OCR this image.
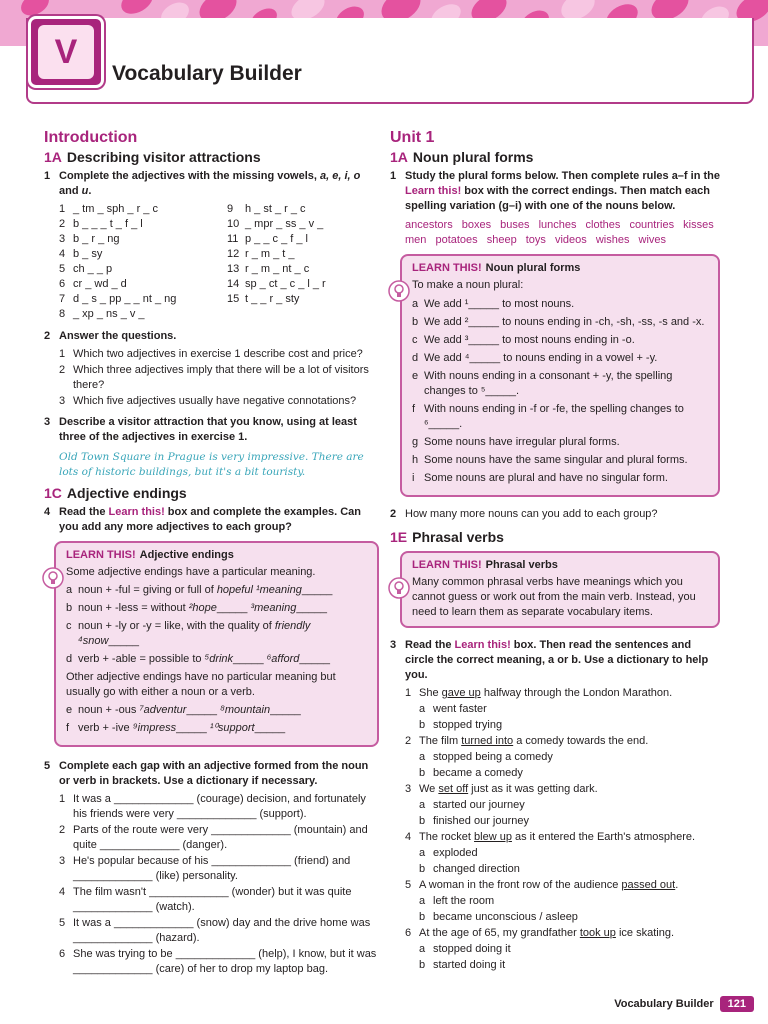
V
Vocabulary Builder
Introduction
1A Describing visitor attractions
1 Complete the adjectives with the missing vowels, a, e, i, o and u.
1 _ tm _ sph _ r _ c	9	h _ st _ r _ c
2 b _ _ _ t _ f _ l	10 _ mpr _ ss _ v _
3 b _ r _ ng	11 p _ _ c _ f _ l
4 b _ sy	12 r _ m _ t _
5 ch _ _ p	13 r _ m _ nt _ c
6 cr _ wd _ d	14 sp _ ct _ c _ l _ r
7 d _ s _ pp _ _ nt _ ng	15 t _ _ r _ sty
8 _ xp _ ns _ v _
2 Answer the questions.
1 Which two adjectives in exercise 1 describe cost and price?
2 Which three adjectives imply that there will be a lot of visitors there?
3 Which five adjectives usually have negative connotations?
3 Describe a visitor attraction that you know, using at least three of the adjectives in exercise 1.
Old Town Square in Prague is very impressive. There are lots of historic buildings, but it's a bit touristy.
1C Adjective endings
4 Read the Learn this! box and complete the examples. Can you add any more adjectives to each group?
LEARN THIS! Adjective endings
Some adjective endings have a particular meaning.
a noun + -ful = giving or full of hopeful ¹meaning_____
b noun + -less = without ²hope_____ ³meaning_____
c noun + -ly or -y = like, with the quality of friendly ⁴snow_____
d verb + -able = possible to ⁵drink_____ ⁶afford_____
Other adjective endings have no particular meaning but usually go with either a noun or a verb.
e noun + -ous ⁷adventur_____ ⁸mountain_____
f verb + -ive ⁹impress_____ ¹⁰support_____
5 Complete each gap with an adjective formed from the noun or verb in brackets. Use a dictionary if necessary.
1 It was a _____________ (courage) decision, and fortunately his friends were very _____________ (support).
2 Parts of the route were very _____________ (mountain) and quite _____________ (danger).
3 He's popular because of his _____________ (friend) and _____________ (like) personality.
4 The film wasn't _____________ (wonder) but it was quite _____________ (watch).
5 It was a _____________ (snow) day and the drive home was _____________ (hazard).
6 She was trying to be _____________ (help), I know, but it was _____________ (care) of her to drop my laptop bag.
Unit 1
1A Noun plural forms
1 Study the plural forms below. Then complete rules a–f in the Learn this! box with the correct endings. Then match each spelling variation (g–i) with one of the nouns below.
ancestors boxes buses lunches clothes countries kisses men potatoes sheep toys videos wishes wives
LEARN THIS! Noun plural forms
To make a noun plural:
a We add ¹_____ to most nouns.
b We add ²_____ to nouns ending in -ch, -sh, -ss, -s and -x.
c We add ³_____ to most nouns ending in -o.
d We add ⁴_____ to nouns ending in a vowel + -y.
e With nouns ending in a consonant + -y, the spelling changes to ⁵_____.
f With nouns ending in -f or -fe, the spelling changes to ⁶_____.
g Some nouns have irregular plural forms.
h Some nouns have the same singular and plural forms.
i Some nouns are plural and have no singular form.
2 How many more nouns can you add to each group?
1E Phrasal verbs
LEARN THIS! Phrasal verbs
Many common phrasal verbs have meanings which you cannot guess or work out from the main verb. Instead, you need to learn them as separate vocabulary items.
3 Read the Learn this! box. Then read the sentences and circle the correct meaning, a or b. Use a dictionary to help you.
1 She gave up halfway through the London Marathon.
a went faster
b stopped trying
2 The film turned into a comedy towards the end.
a stopped being a comedy
b became a comedy
3 We set off just as it was getting dark.
a started our journey
b finished our journey
4 The rocket blew up as it entered the Earth's atmosphere.
a exploded
b changed direction
5 A woman in the front row of the audience passed out.
a left the room
b became unconscious / asleep
6 At the age of 65, my grandfather took up ice skating.
a stopped doing it
b started doing it
Vocabulary Builder	121
